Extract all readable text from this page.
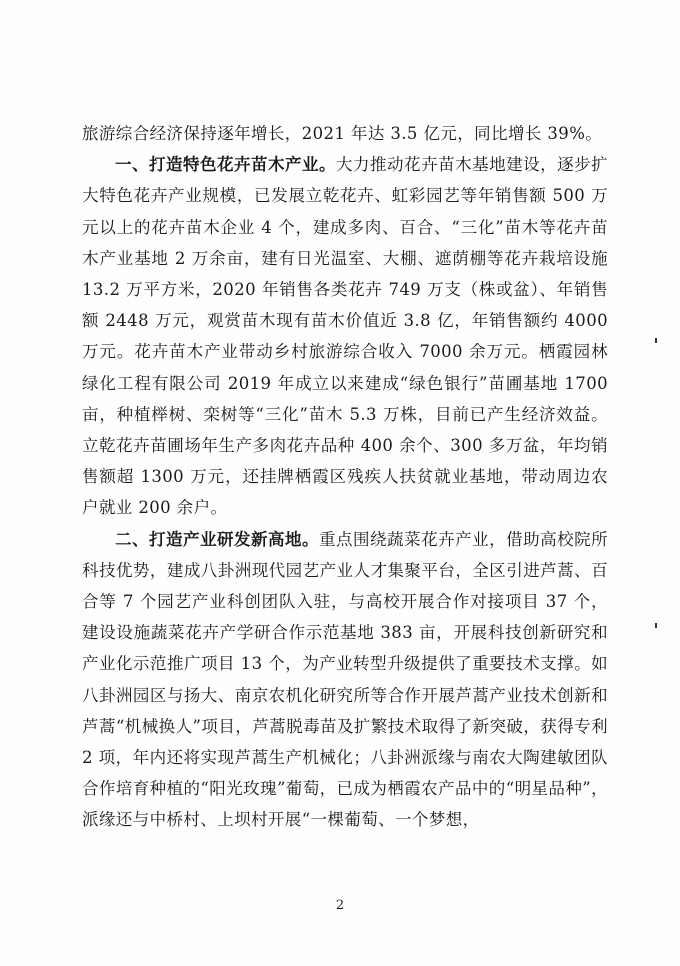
旅游综合经济保持逐年增长，2021 年达 3.5 亿元，同比增长 39%。

一、打造特色花卉苗木产业。大力推动花卉苗木基地建设，逐步扩大特色花卉产业规模，已发展立乾花卉、虹彩园艺等年销售额 500 万元以上的花卉苗木企业 4 个，建成多肉、百合、“三化”苗木等花卉苗木产业基地 2 万余亩，建有日光温室、大棚、遮荫棚等花卉栽培设施 13.2 万平方米，2020 年销售各类花卉 749 万支（株或盆）、年销售额 2448 万元，观赏苗木现有苗木价值近 3.8 亿，年销售额约 4000 万元。花卉苗木产业带动乡村旅游综合收入 7000 余万元。栖霞园林绿化工程有限公司 2019 年成立以来建成“绿色银行”苗圃基地 1700 亩，种植榉树、栾树等“三化”苗木 5.3 万株，目前已产生经济效益。立乾花卉苗圃场年生产多肉花卉品种 400 余个、300 多万盆，年均销售额超 1300 万元，还挂牌栖霞区残疾人扶贫就业基地，带动周边农户就业 200 余户。

二、打造产业研发新高地。重点围绕蔬菜花卉产业，借助高校院所科技优势，建成八卦洲现代园艺产业人才集聚平台，全区引进芦蒿、百合等 7 个园艺产业科创团队入驻，与高校开展合作对接项目 37 个，建设设施蔬菜花卉产学研合作示范基地 383 亩，开展科技创新研究和产业化示范推广项目 13 个，为产业转型升级提供了重要技术支撑。如八卦洲园区与扬大、南京农机化研究所等合作开展芦蒿产业技术创新和芦蒿“机械换人”项目，芦蒿脱毒苗及扩繁技术取得了新突破，获得专利 2 项，年内还将实现芦蒿生产机械化；八卦洲派缘与南农大陶建敏团队合作培育种植的“阳光玫瑰”葡萄，已成为栖霞农产品中的“明星品种”，派缘还与中桥村、上坝村开展“一棵葡萄、一个梦想，

2
